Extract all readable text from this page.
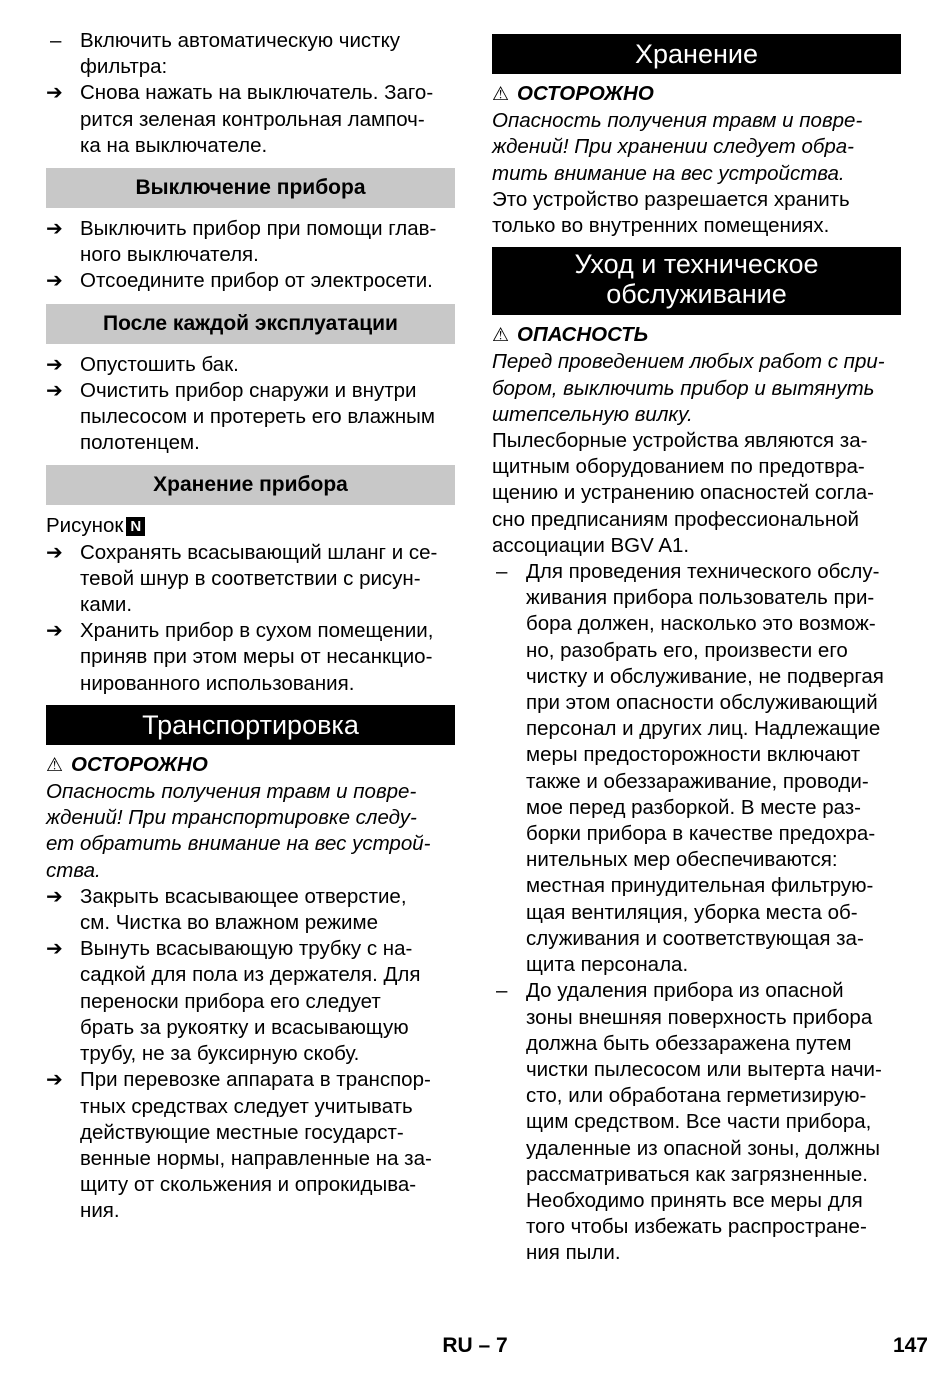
– Включить автоматическую чистку фильтра:
➔ Снова нажать на выключатель. Заго-
рится зеленая контрольная лампоч-
ка на выключателе.
Выключение прибора
➔ Выключить прибор при помощи глав-
ного выключателя.
➔ Отсоедините прибор от электросети.
После каждой эксплуатации
➔ Опустошить бак.
➔ Очистить прибор снаружи и внутри
пылесосом и протереть его влажным
полотенцем.
Хранение прибора
Рисунок N
➔ Сохранять всасывающий шланг и се-
тевой шнур в соответствии с рисун-
ками.
➔ Хранить прибор в сухом помещении,
приняв при этом меры от несанкцио-
нированного использования.
Транспортировка
⚠ ОСТОРОЖНО
Опасность получения травм и повре-
ждений! При транспортировке следу-
ет обратить внимание на вес устрой-
ства.
➔ Закрыть всасывающее отверстие,
см. Чистка во влажном режиме
➔ Вынуть всасывающую трубку с на-
садкой для пола из держателя. Для
переноски прибора его следует
брать за рукоятку и всасывающую
трубу, не за буксирную скобу.
➔ При перевозке аппарата в транспор-
тных средствах следует учитывать
действующие местные государст-
венные нормы, направленные на за-
щиту от скольжения и опрокидыва-
ния.
Хранение
⚠ ОСТОРОЖНО
Опасность получения травм и повре-
ждений! При хранении следует обра-
тить внимание на вес устройства.
Это устройство разрешается хранить
только во внутренних помещениях.
Уход и техническое
обслуживание
⚠ ОПАСНОСТЬ
Перед проведением любых работ с при-
бором, выключить прибор и вытянуть
штепсельную вилку.
Пылесборные устройства являются за-
щитным оборудованием по предотвра-
щению и устранению опасностей согла-
сно предписаниям профессиональной
ассоциации BGV A1.
– Для проведения технического обслу-
живания прибора пользователь при-
бора должен, насколько это возмож-
но, разобрать его, произвести его
чистку и обслуживание, не подвергая
при этом опасности обслуживающий
персонал и других лиц. Надлежащие
меры предосторожности включают
также и обеззараживание, проводи-
мое перед разборкой. В месте раз-
борки прибора в качестве предохра-
нительных мер обеспечиваются:
местная принудительная фильтрую-
щая вентиляция, уборка места об-
служивания и соответствующая за-
щита персонала.
– До удаления прибора из опасной
зоны внешняя поверхность прибора
должна быть обеззаражена путем
чистки пылесосом или вытерта начи-
сто, или обработана герметизирую-
щим средством. Все части прибора,
удаленные из опасной зоны, должны
рассматриваться как загрязненные.
Необходимо принять все меры для
того чтобы избежать распростране-
ния пыли.
RU – 7	147
